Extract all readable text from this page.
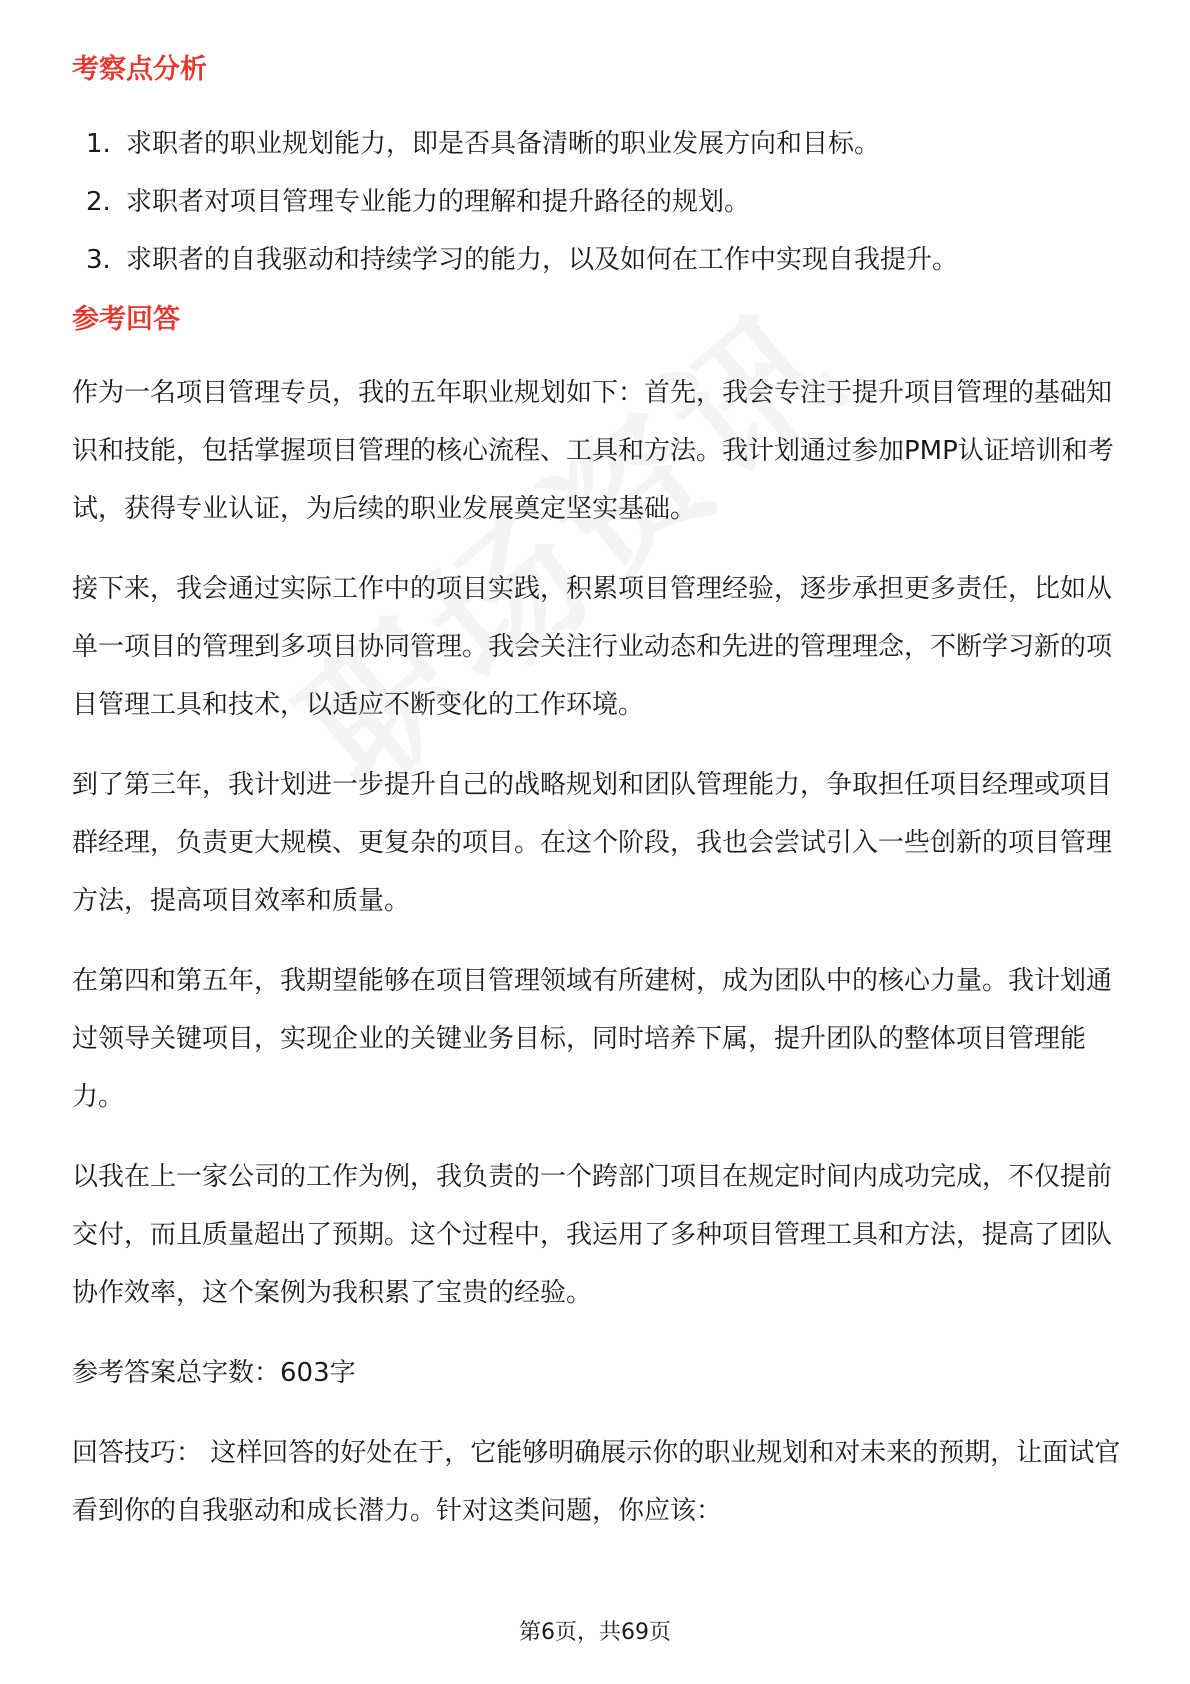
考察点分析
1. 求职者的职业规划能力，即是否具备清晰的职业发展方向和目标。
2. 求职者对项目管理专业能力的理解和提升路径的规划。
3. 求职者的自我驱动和持续学习的能力，以及如何在工作中实现自我提升。
参考回答

作为一名项目管理专员，我的五年职业规划如下：首先，我会专注于提升项目管理的基础知识和技能，包括掌握项目管理的核心流程、工具和方法。我计划通过参加PMP认证培训和考试，获得专业认证，为后续的职业发展奠定坚实基础。

接下来，我会通过实际工作中的项目实践，积累项目管理经验，逐步承担更多责任，比如从单一项目的管理到多项目协同管理。我会关注行业动态和先进的管理理念，不断学习新的项目管理工具和技术，以适应不断变化的工作环境。

到了第三年，我计划进一步提升自己的战略规划和团队管理能力，争取担任项目经理或项目群经理，负责更大规模、更复杂的项目。在这个阶段，我也会尝试引入一些创新的项目管理方法，提高项目效率和质量。

在第四和第五年，我期望能够在项目管理领域有所建树，成为团队中的核心力量。我计划通过领导关键项目，实现企业的关键业务目标，同时培养下属，提升团队的整体项目管理能力。

以我在上一家公司的工作为例，我负责的一个跨部门项目在规定时间内成功完成，不仅提前交付，而且质量超出了预期。这个过程中，我运用了多种项目管理工具和方法，提高了团队协作效率，这个案例为我积累了宝贵的经验。

参考答案总字数：603字

回答技巧： 这样回答的好处在于，它能够明确展示你的职业规划和对未来的预期，让面试官看到你的自我驱动和成长潜力。针对这类问题，你应该：

第6页，共69页
